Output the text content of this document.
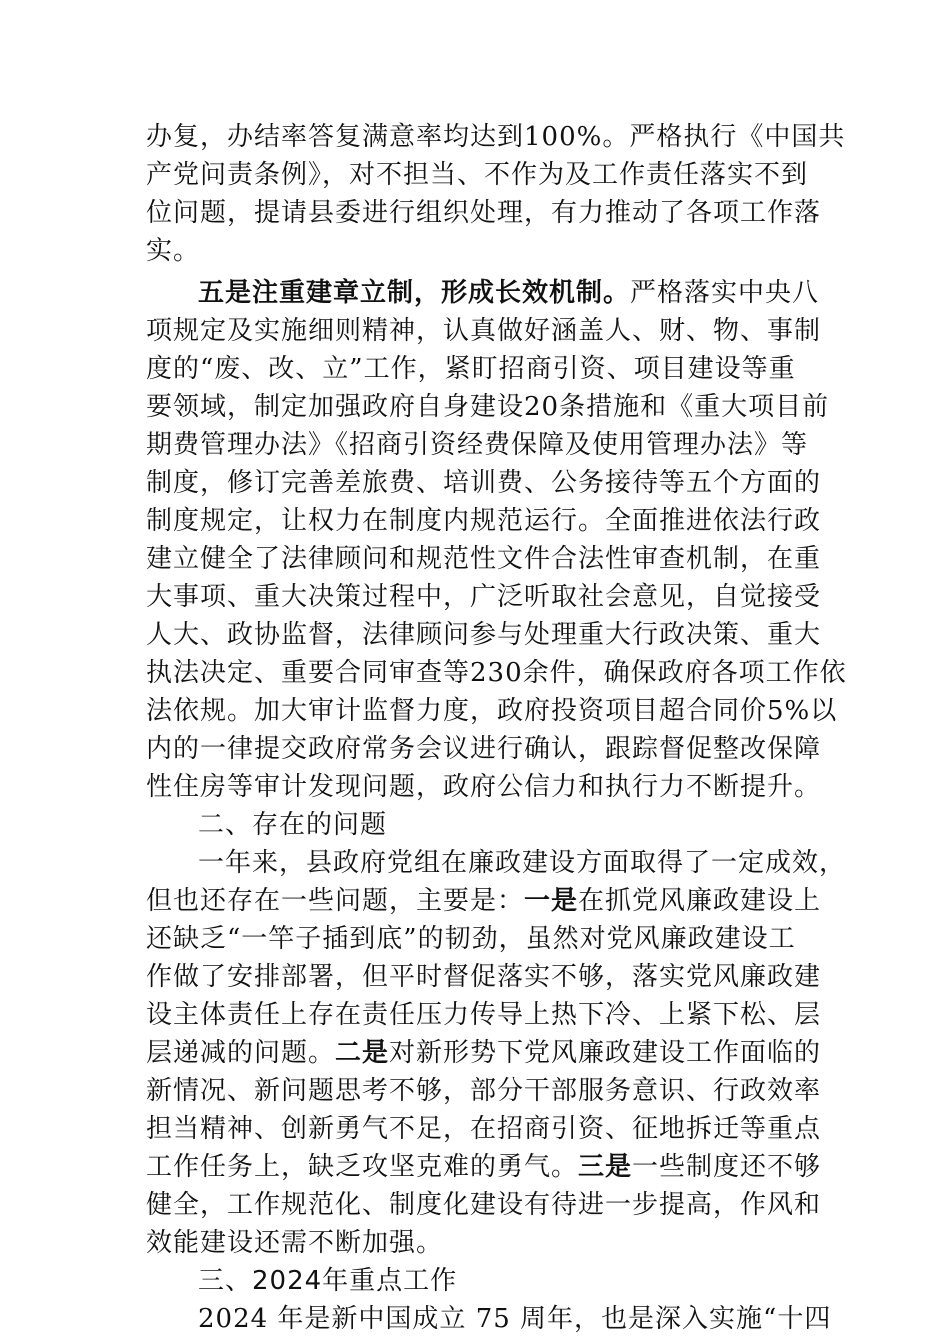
办复，办结率答复满意率均达到100%。严格执行《中国共
产党问责条例》，对不担当、不作为及工作责任落实不到
位问题，提请县委进行组织处理，有力推动了各项工作落
实。
五是注重建章立制，形成长效机制。严格落实中央八
项规定及实施细则精神，认真做好涵盖人、财、物、事制
度的“废、改、立”工作，紧盯招商引资、项目建设等重
要领域，制定加强政府自身建设20条措施和《重大项目前
期费管理办法》《招商引资经费保障及使用管理办法》等
制度，修订完善差旅费、培训费、公务接待等五个方面的
制度规定，让权力在制度内规范运行。全面推进依法行政
建立健全了法律顾问和规范性文件合法性审查机制，在重
大事项、重大决策过程中，广泛听取社会意见，自觉接受
人大、政协监督，法律顾问参与处理重大行政决策、重大
执法决定、重要合同审查等230余件，确保政府各项工作依
法依规。加大审计监督力度，政府投资项目超合同价5%以
内的一律提交政府常务会议进行确认，跟踪督促整改保障
性住房等审计发现问题，政府公信力和执行力不断提升。
二、存在的问题
一年来，县政府党组在廉政建设方面取得了一定成效，
但也还存在一些问题，主要是：一是在抓党风廉政建设上
还缺乏“一竿子插到底”的韧劲，虽然对党风廉政建设工
作做了安排部署，但平时督促落实不够，落实党风廉政建
设主体责任上存在责任压力传导上热下冷、上紧下松、层
层递减的问题。二是对新形势下党风廉政建设工作面临的
新情况、新问题思考不够，部分干部服务意识、行政效率
担当精神、创新勇气不足，在招商引资、征地拆迁等重点
工作任务上，缺乏攻坚克难的勇气。三是一些制度还不够
健全，工作规范化、制度化建设有待进一步提高，作风和
效能建设还需不断加强。
三、2024年重点工作
2024 年是新中国成立 75 周年，也是深入实施“十四
